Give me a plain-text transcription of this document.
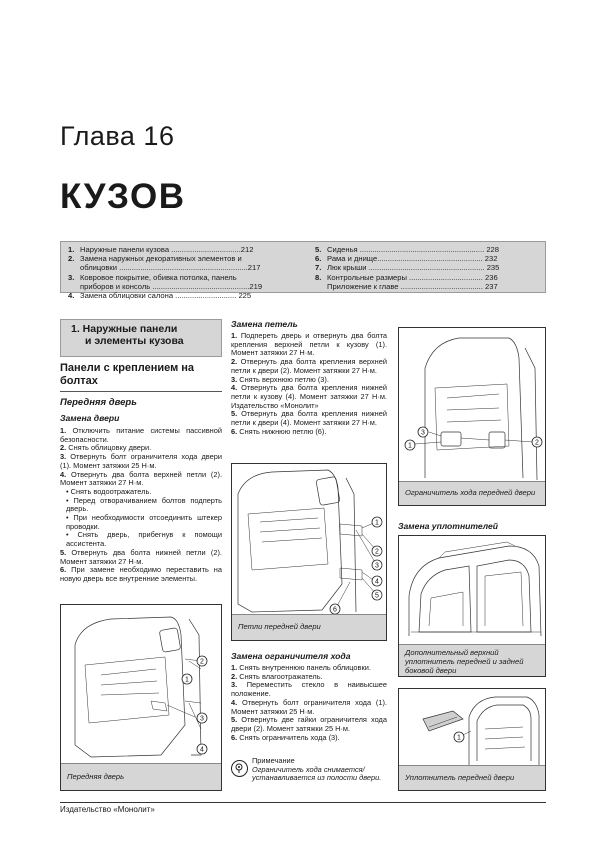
Глава 16
КУЗОВ
1. Наружные панели кузова .................................212
2. Замена наружных декоративных элементов и
облицовки .............................................................217
3. Ковровое покрытие, обивка потолка, панель
приборов и консоль ..............................................219
4. Замена облицовки салона ............................. 225
5. Сиденья ........................................................... 228
6. Рама и днище.................................................. 232
7. Люк крыши ....................................................... 235
8. Контрольные размеры ................................... 236
Приложение к главе ....................................... 237
1. Наружные панели
и элементы кузова
Панели с креплением на болтах
Передняя дверь
Замена двери

1. Отключить питание системы пассивной безопасности.

2. Снять облицовку двери.

3. Отвернуть болт ограничителя хода двери (1). Момент затяжки 25 Н·м.

4. Отвернуть два болта верхней петли (2). Момент затяжки 27 Н·м.

• Снять водоотражатель.

• Перед отворачиванием болтов подперть дверь.

• При необходимости отсоединить штекер проводки.

• Снять дверь, прибегнув к помощи ассистента.

5. Отвернуть два болта нижней петли (2). Момент затяжки 27 Н·м.

6. При замене необходимо переставить на новую дверь все внутренние элементы.

2
1
3
4
Передняя дверь
Замена петель

1. Подпереть дверь и отвернуть два болта крепления верхней петли к кузову (1). Момент затяжки 27 Н·м.

2. Отвернуть два болта крепления верхней петли к двери (2). Момент затяжки 27 Н·м.

3. Снять верхнюю петлю (3).

4. Отвернуть два болта крепления нижней петли к кузову (4). Момент затяжки 27 Н·м. Издательство «Монолит»

5. Отвернуть два болта крепления нижней петли к двери (4). Момент затяжки 27 Н·м.

6. Снять нижнюю петлю (6).

1
2
3
4
5
6
Петли передней двери
Замена ограничителя хода

1. Снять внутреннюю панель облицовки.

2. Снять влагоотражатель.

3. Переместить стекло в наивысшее положение.

4. Отвернуть болт ограничителя хода (1). Момент затяжки 25 Н·м.

5. Отвернуть две гайки ограничителя хода двери (2). Момент затяжки 25 Н·м.

6. Снять ограничитель хода (3).

Примечание
Ограничитель хода снимается/устанавливается из полости двери.
3
1	2
Ограничитель хода передней двери
Замена уплотнителей
Дополнительный верхний уплотнитель передней и задней боковой двери
1
Уплотнитель передней двери
Издательство «Монолит»
